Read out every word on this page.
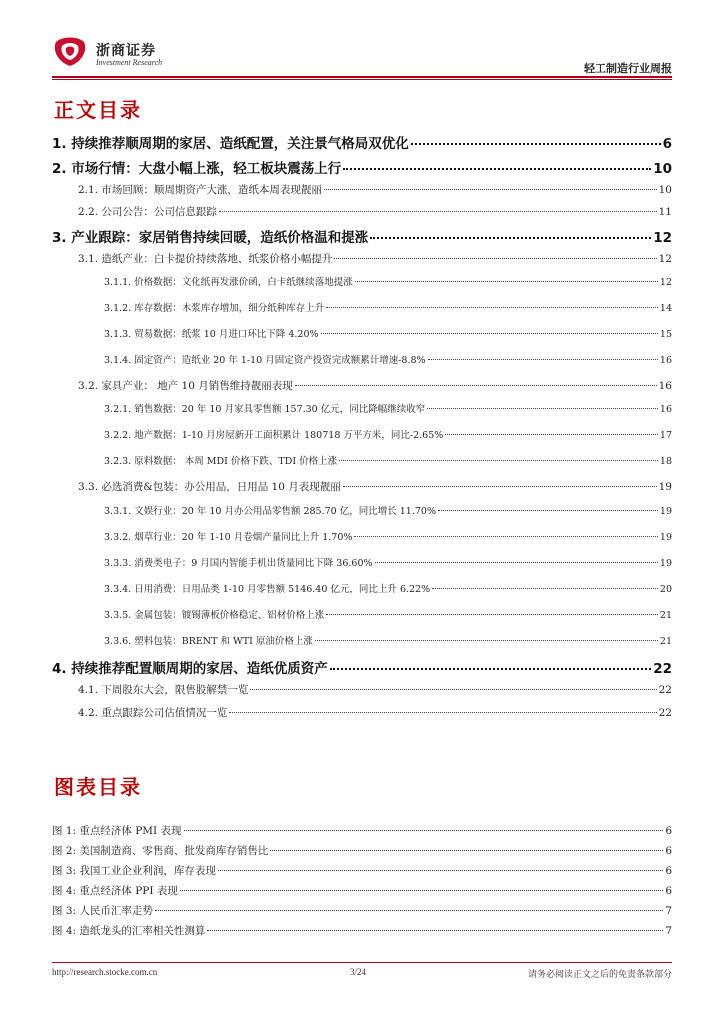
浙商证券
Investment Research	轻工制造行业周报
正文目录
1. 持续推荐顺周期的家居、造纸配置，关注景气格局双优化	6
2. 市场行情：大盘小幅上涨，轻工板块震荡上行	10
2.1. 市场回顾：顺周期资产大涨，造纸本周表现靓丽	10
2.2. 公司公告：公司信息跟踪	11
3. 产业跟踪：家居销售持续回暖，造纸价格温和提涨	12
3.1. 造纸产业：白卡提价持续落地、纸浆价格小幅提升	12
3.1.1. 价格数据：文化纸再发涨价函，白卡纸继续落地提涨	12
3.1.2. 库存数据：木浆库存增加，细分纸种库存上升	14
3.1.3. 贸易数据：纸浆 10 月进口环比下降 4.20%	15
3.1.4. 固定资产：造纸业 20 年 1-10 月固定资产投资完成额累计增速-8.8%	16
3.2. 家具产业： 地产 10 月销售维持靓丽表现	16
3.2.1. 销售数据：20 年 10 月家具零售额 157.30 亿元，同比降幅继续收窄	16
3.2.2. 地产数据：1-10 月房屋新开工面积累计 180718 万平方米，同比-2.65%	17
3.2.3. 原料数据： 本周 MDI 价格下跌、TDI 价格上涨	18
3.3. 必选消费&包装：办公用品，日用品 10 月表现靓丽	19
3.3.1. 文娱行业：20 年 10 月办公用品零售额 285.70 亿，同比增长 11.70%	19
3.3.2. 烟草行业：20 年 1-10 月卷烟产量同比上升 1.70%	19
3.3.3. 消费类电子：9 月国内智能手机出货量同比下降 36.60%	19
3.3.4. 日用消费：日用品类 1-10 月零售额 5146.40 亿元，同比上升 6.22%	20
3.3.5. 金属包装：镀锡薄板价格稳定、铝材价格上涨	21
3.3.6. 塑料包装：BRENT 和 WTI 原油价格上涨	21
4. 持续推荐配置顺周期的家居、造纸优质资产	22
4.1. 下周股东大会，限售股解禁一览	22
4.2. 重点跟踪公司估值情况一览	22
图表目录
图 1: 重点经济体 PMI 表现	6
图 2: 美国制造商、零售商、批发商库存销售比	6
图 3: 我国工业企业利润，库存表现	6
图 4: 重点经济体 PPI 表现	6
图 3: 人民币汇率走势	7
图 4: 造纸龙头的汇率相关性测算	7
http://research.stocke.com.cn	3/24	请务必阅读正文之后的免责条款部分
